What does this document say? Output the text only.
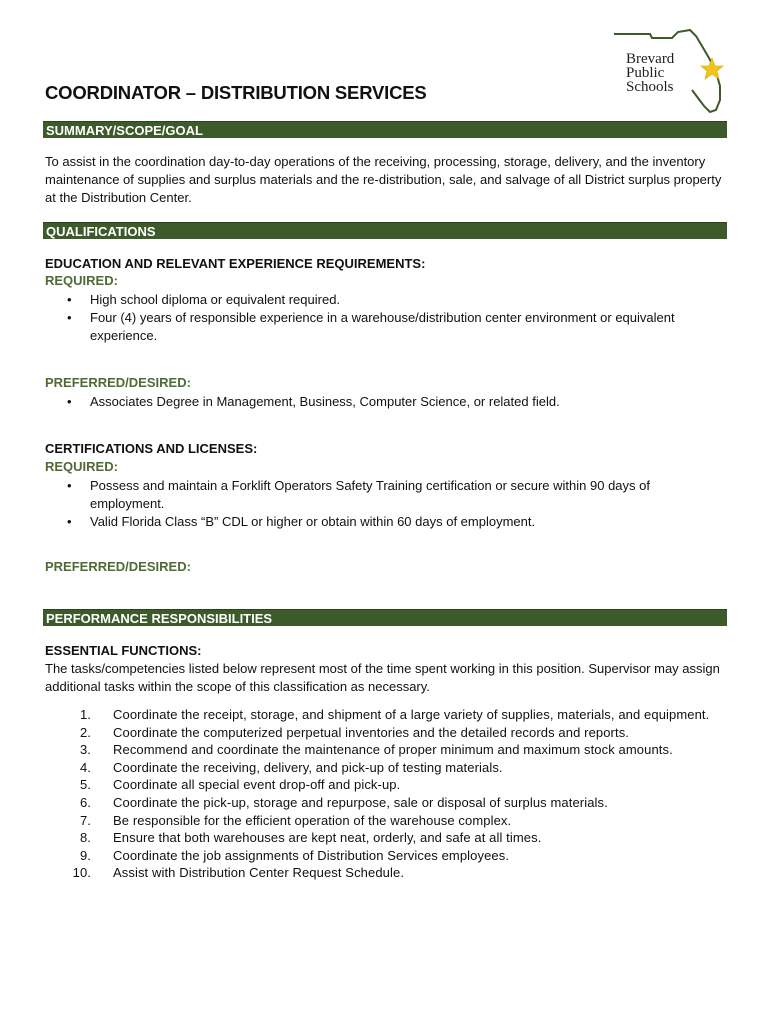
Brevard
Public
Schools
COORDINATOR – DISTRIBUTION SERVICES
SUMMARY/SCOPE/GOAL

To assist in the coordination day-to-day operations of the receiving, processing, storage, delivery, and the inventory maintenance of supplies and surplus materials and the re-distribution, sale, and salvage of all District surplus property at the Distribution Center.

QUALIFICATIONS

EDUCATION AND RELEVANT EXPERIENCE REQUIREMENTS:

REQUIRED:

• High school diploma or equivalent required.
• Four (4) years of responsible experience in a warehouse/distribution center environment or equivalent experience.

PREFERRED/DESIRED:

• Associates Degree in Management, Business, Computer Science, or related field.

CERTIFICATIONS AND LICENSES:

REQUIRED:

• Possess and maintain a Forklift Operators Safety Training certification or secure within 90 days of employment.
• Valid Florida Class “B” CDL or higher or obtain within 60 days of employment.

PREFERRED/DESIRED:

PERFORMANCE RESPONSIBILITIES

ESSENTIAL FUNCTIONS:

The tasks/competencies listed below represent most of the time spent working in this position. Supervisor may assign additional tasks within the scope of this classification as necessary.

1. Coordinate the receipt, storage, and shipment of a large variety of supplies, materials, and equipment.
2. Coordinate the computerized perpetual inventories and the detailed records and reports.
3. Recommend and coordinate the maintenance of proper minimum and maximum stock amounts.
4. Coordinate the receiving, delivery, and pick-up of testing materials.
5. Coordinate all special event drop-off and pick-up.
6. Coordinate the pick-up, storage and repurpose, sale or disposal of surplus materials.
7. Be responsible for the efficient operation of the warehouse complex.
8. Ensure that both warehouses are kept neat, orderly, and safe at all times.
9. Coordinate the job assignments of Distribution Services employees.
10. Assist with Distribution Center Request Schedule.
